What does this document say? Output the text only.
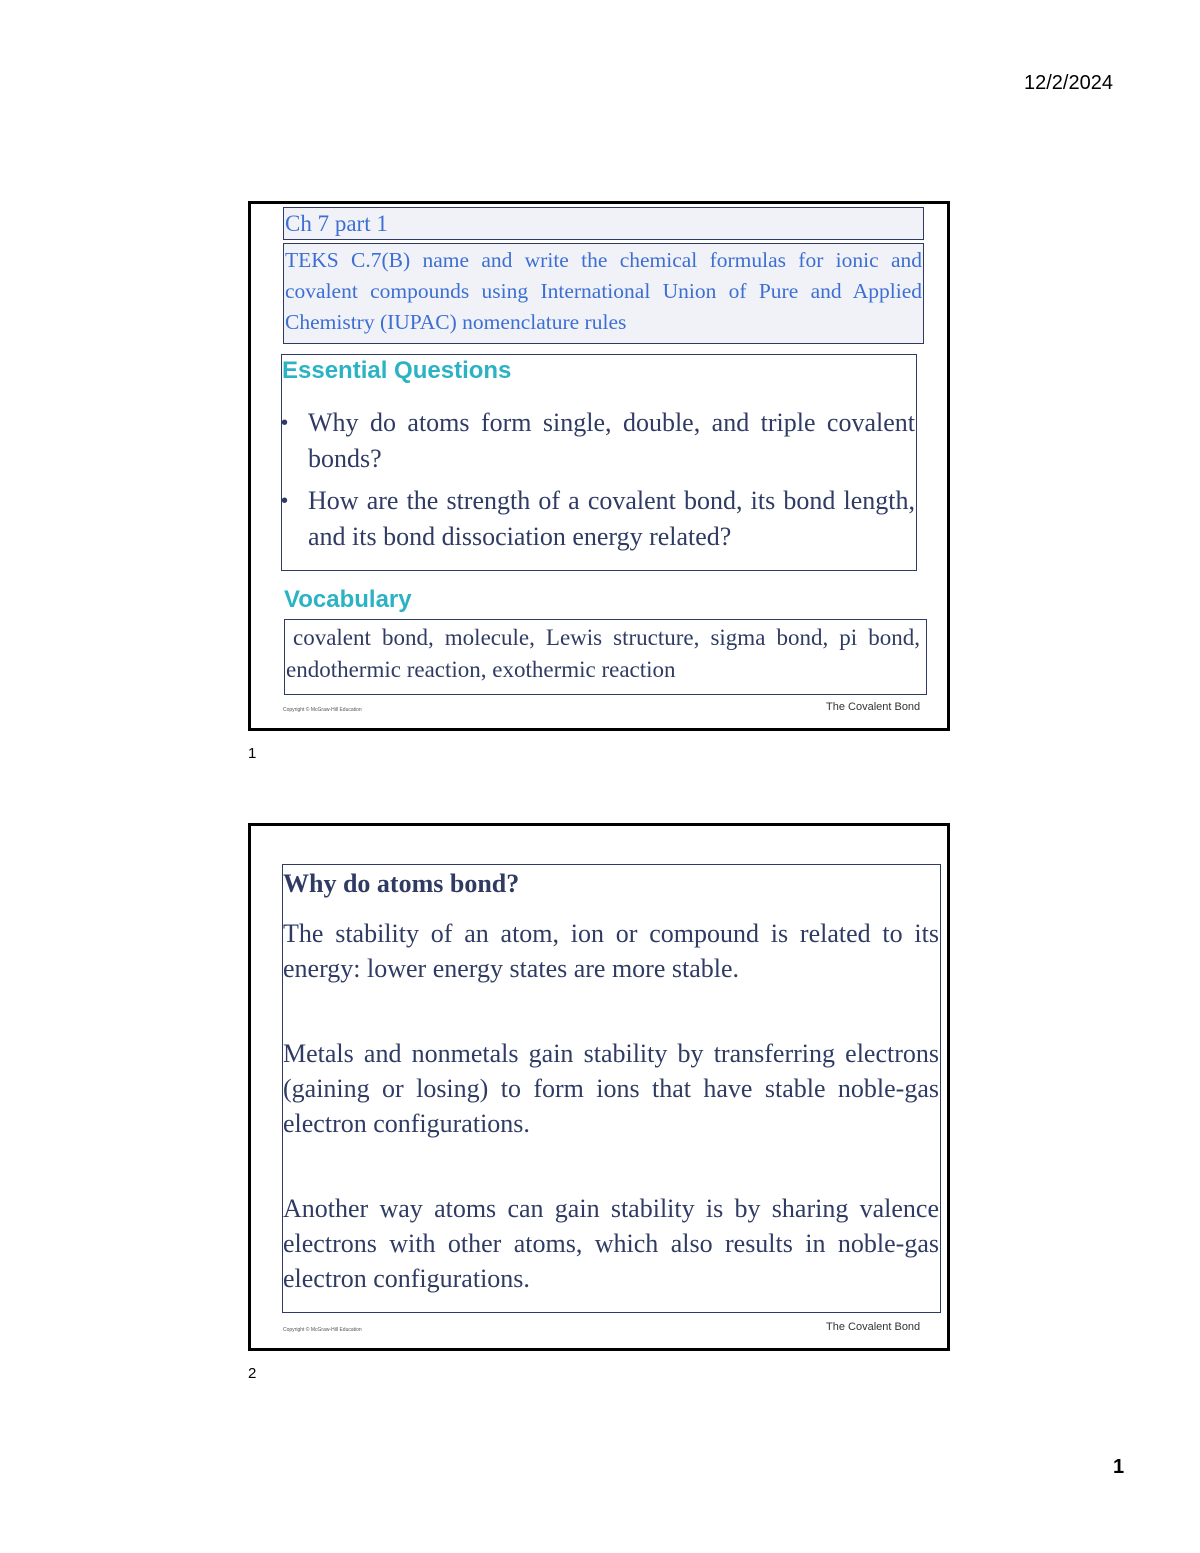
12/2/2024
Ch 7 part 1
TEKS C.7(B) name and write the chemical formulas for ionic and covalent compounds using International Union of Pure and Applied Chemistry (IUPAC) nomenclature rules
Essential Questions
• Why do atoms form single, double, and triple covalent bonds?
• How are the strength of a covalent bond, its bond length, and its bond dissociation energy related?
Vocabulary
covalent bond, molecule, Lewis structure, sigma bond, pi bond, endothermic reaction, exothermic reaction
Copyright © McGraw-Hill Education	The Covalent Bond
1

Why do atoms bond?

The stability of an atom, ion or compound is related to its energy: lower energy states are more stable.

Metals and nonmetals gain stability by transferring electrons (gaining or losing) to form ions that have stable noble-gas electron configurations.

Another way atoms can gain stability is by sharing valence electrons with other atoms, which also results in noble-gas electron configurations.

Copyright © McGraw-Hill Education	The Covalent Bond
2
1
